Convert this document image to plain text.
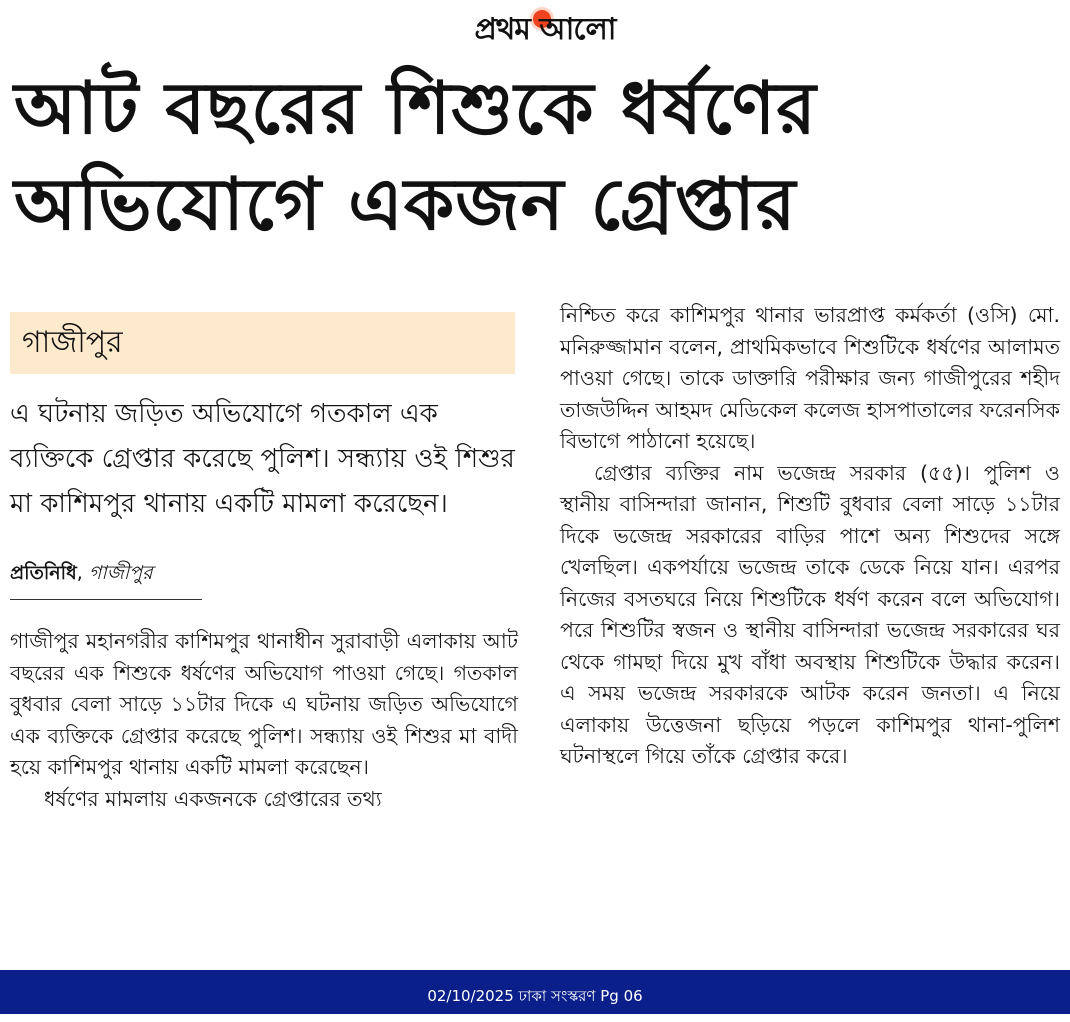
প্রথম আলো
আট বছরের শিশুকে ধর্ষণের অভিযোগে একজন গ্রেপ্তার
গাজীপুর
এ ঘটনায় জড়িত অভিযোগে গতকাল এক ব্যক্তিকে গ্রেপ্তার করেছে পুলিশ। সন্ধ্যায় ওই শিশুর মা কাশিমপুর থানায় একটি মামলা করেছেন।
প্রতিনিধি, গাজীপুর
গাজীপুর মহানগরীর কাশিমপুর থানাধীন সুরাবাড়ী এলাকায় আট বছরের এক শিশুকে ধর্ষণের অভিযোগ পাওয়া গেছে। গতকাল বুধবার বেলা সাড়ে ১১টার দিকে এ ঘটনায় জড়িত অভিযোগে এক ব্যক্তিকে গ্রেপ্তার করেছে পুলিশ। সন্ধ্যায় ওই শিশুর মা বাদী হয়ে কাশিমপুর থানায় একটি মামলা করেছেন।
ধর্ষণের মামলায় একজনকে গ্রেপ্তারের তথ্য
নিশ্চিত করে কাশিমপুর থানার ভারপ্রাপ্ত কর্মকর্তা (ওসি) মো. মনিরুজ্জামান বলেন, প্রাথমিকভাবে শিশুটিকে ধর্ষণের আলামত পাওয়া গেছে। তাকে ডাক্তারি পরীক্ষার জন্য গাজীপুরের শহীদ তাজউদ্দিন আহমদ মেডিকেল কলেজ হাসপাতালের ফরেনসিক বিভাগে পাঠানো হয়েছে।
গ্রেপ্তার ব্যক্তির নাম ভজেন্দ্র সরকার (৫৫)। পুলিশ ও স্থানীয় বাসিন্দারা জানান, শিশুটি বুধবার বেলা সাড়ে ১১টার দিকে ভজেন্দ্র সরকারের বাড়ির পাশে অন্য শিশুদের সঙ্গে খেলছিল। একপর্যায়ে ভজেন্দ্র তাকে ডেকে নিয়ে যান। এরপর নিজের বসতঘরে নিয়ে শিশুটিকে ধর্ষণ করেন বলে অভিযোগ। পরে শিশুটির স্বজন ও স্থানীয় বাসিন্দারা ভজেন্দ্র সরকারের ঘর থেকে গামছা দিয়ে মুখ বাঁধা অবস্থায় শিশুটিকে উদ্ধার করেন। এ সময় ভজেন্দ্র সরকারকে আটক করেন জনতা। এ নিয়ে এলাকায় উত্তেজনা ছড়িয়ে পড়লে কাশিমপুর থানা-পুলিশ ঘটনাস্থলে গিয়ে তাঁকে গ্রেপ্তার করে।
02/10/2025 ঢাকা সংস্করণ Pg 06
